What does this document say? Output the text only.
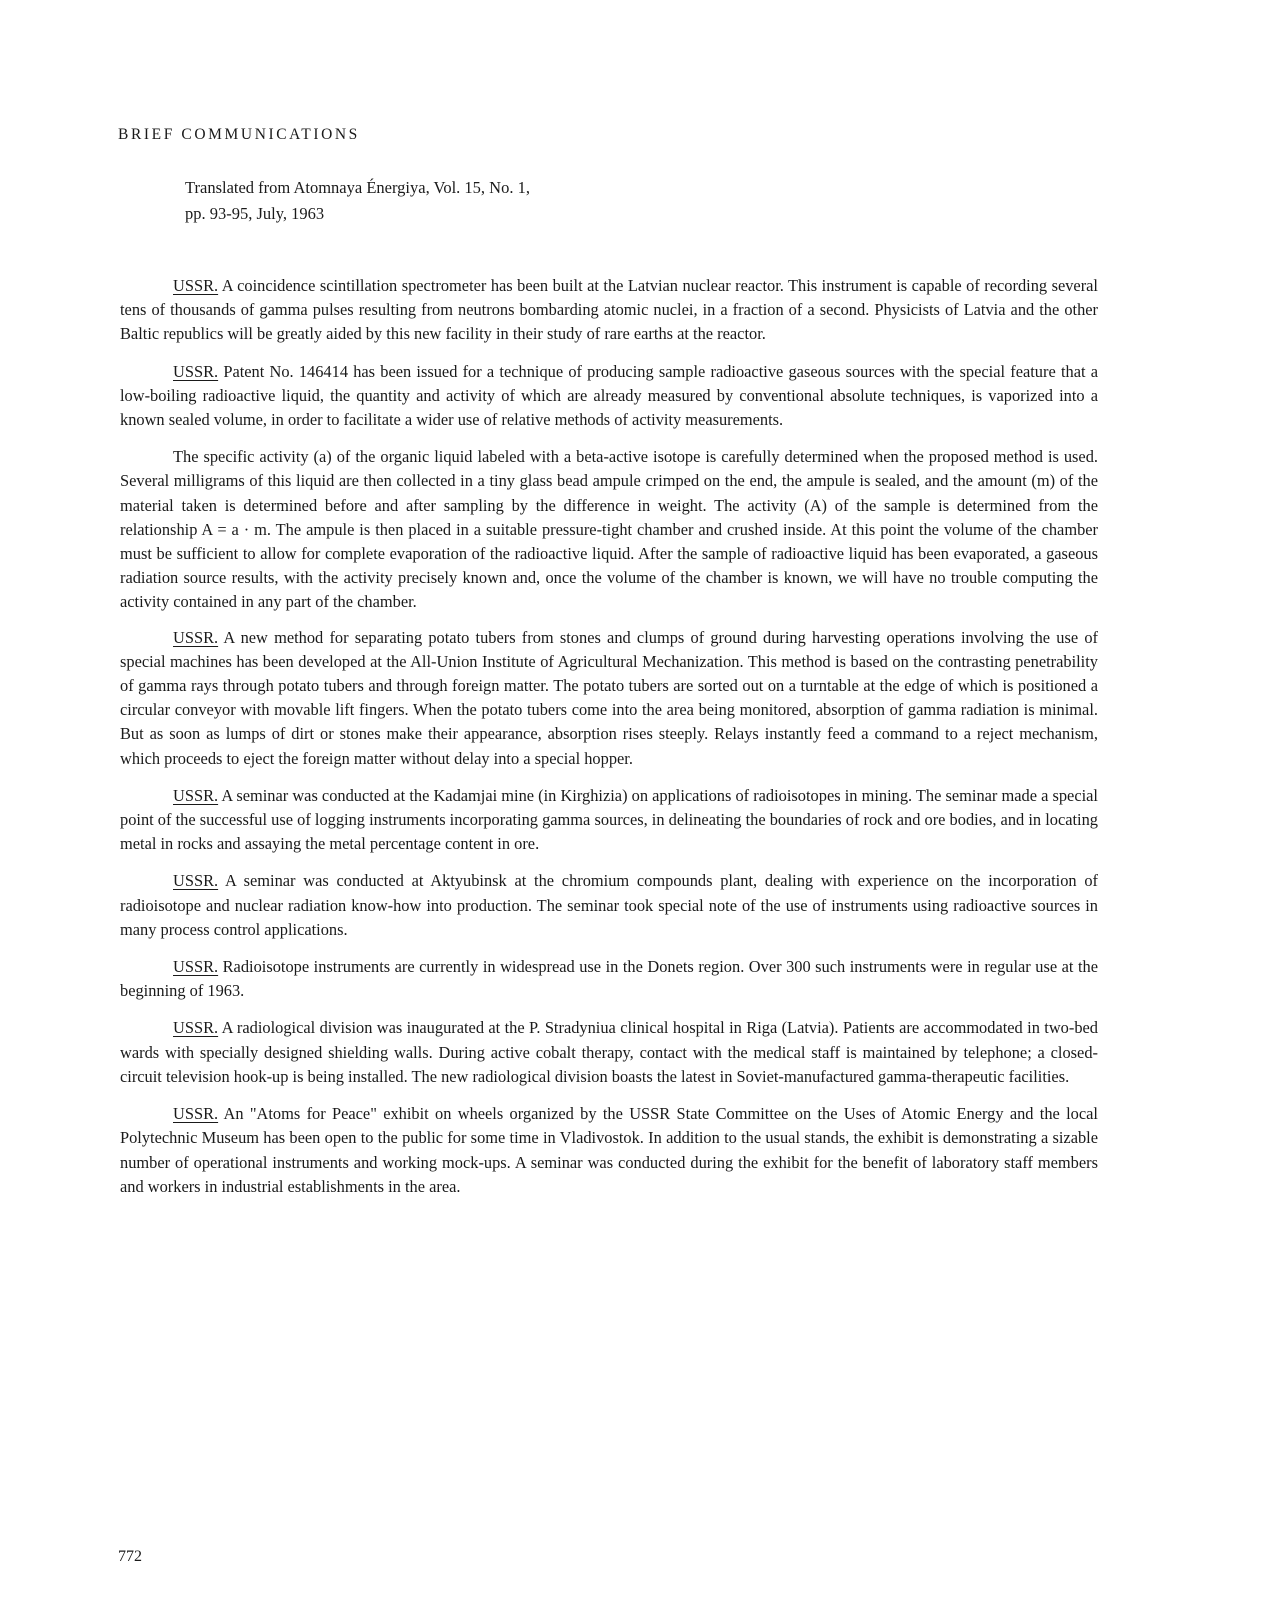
BRIEF COMMUNICATIONS
Translated from Atomnaya Énergiya, Vol. 15, No. 1,
pp. 93-95, July, 1963

USSR. A coincidence scintillation spectrometer has been built at the Latvian nuclear reactor. This instrument is capable of recording several tens of thousands of gamma pulses resulting from neutrons bombarding atomic nuclei, in a fraction of a second. Physicists of Latvia and the other Baltic republics will be greatly aided by this new facility in their study of rare earths at the reactor.

USSR. Patent No. 146414 has been issued for a technique of producing sample radioactive gaseous sources with the special feature that a low-boiling radioactive liquid, the quantity and activity of which are already measured by conventional absolute techniques, is vaporized into a known sealed volume, in order to facilitate a wider use of relative methods of activity measurements.

The specific activity (a) of the organic liquid labeled with a beta-active isotope is carefully determined when the proposed method is used. Several milligrams of this liquid are then collected in a tiny glass bead ampule crimped on the end, the ampule is sealed, and the amount (m) of the material taken is determined before and after sampling by the difference in weight. The activity (A) of the sample is determined from the relationship A = a · m. The ampule is then placed in a suitable pressure-tight chamber and crushed inside. At this point the volume of the chamber must be sufficient to allow for complete evaporation of the radioactive liquid. After the sample of radioactive liquid has been evaporated, a gaseous radiation source results, with the activity precisely known and, once the volume of the chamber is known, we will have no trouble computing the activity contained in any part of the chamber.

USSR. A new method for separating potato tubers from stones and clumps of ground during harvesting operations involving the use of special machines has been developed at the All-Union Institute of Agricultural Mechanization. This method is based on the contrasting penetrability of gamma rays through potato tubers and through foreign matter. The potato tubers are sorted out on a turntable at the edge of which is positioned a circular conveyor with movable lift fingers. When the potato tubers come into the area being monitored, absorption of gamma radiation is minimal. But as soon as lumps of dirt or stones make their appearance, absorption rises steeply. Relays instantly feed a command to a reject mechanism, which proceeds to eject the foreign matter without delay into a special hopper.

USSR. A seminar was conducted at the Kadamjai mine (in Kirghizia) on applications of radioisotopes in mining. The seminar made a special point of the successful use of logging instruments incorporating gamma sources, in delineating the boundaries of rock and ore bodies, and in locating metal in rocks and assaying the metal percentage content in ore.

USSR. A seminar was conducted at Aktyubinsk at the chromium compounds plant, dealing with experience on the incorporation of radioisotope and nuclear radiation know-how into production. The seminar took special note of the use of instruments using radioactive sources in many process control applications.

USSR. Radioisotope instruments are currently in widespread use in the Donets region. Over 300 such instruments were in regular use at the beginning of 1963.

USSR. A radiological division was inaugurated at the P. Stradyniua clinical hospital in Riga (Latvia). Patients are accommodated in two-bed wards with specially designed shielding walls. During active cobalt therapy, contact with the medical staff is maintained by telephone; a closed-circuit television hook-up is being installed. The new radiological division boasts the latest in Soviet-manufactured gamma-therapeutic facilities.

USSR. An "Atoms for Peace" exhibit on wheels organized by the USSR State Committee on the Uses of Atomic Energy and the local Polytechnic Museum has been open to the public for some time in Vladivostok. In addition to the usual stands, the exhibit is demonstrating a sizable number of operational instruments and working mock-ups. A seminar was conducted during the exhibit for the benefit of laboratory staff members and workers in industrial establishments in the area.

772
